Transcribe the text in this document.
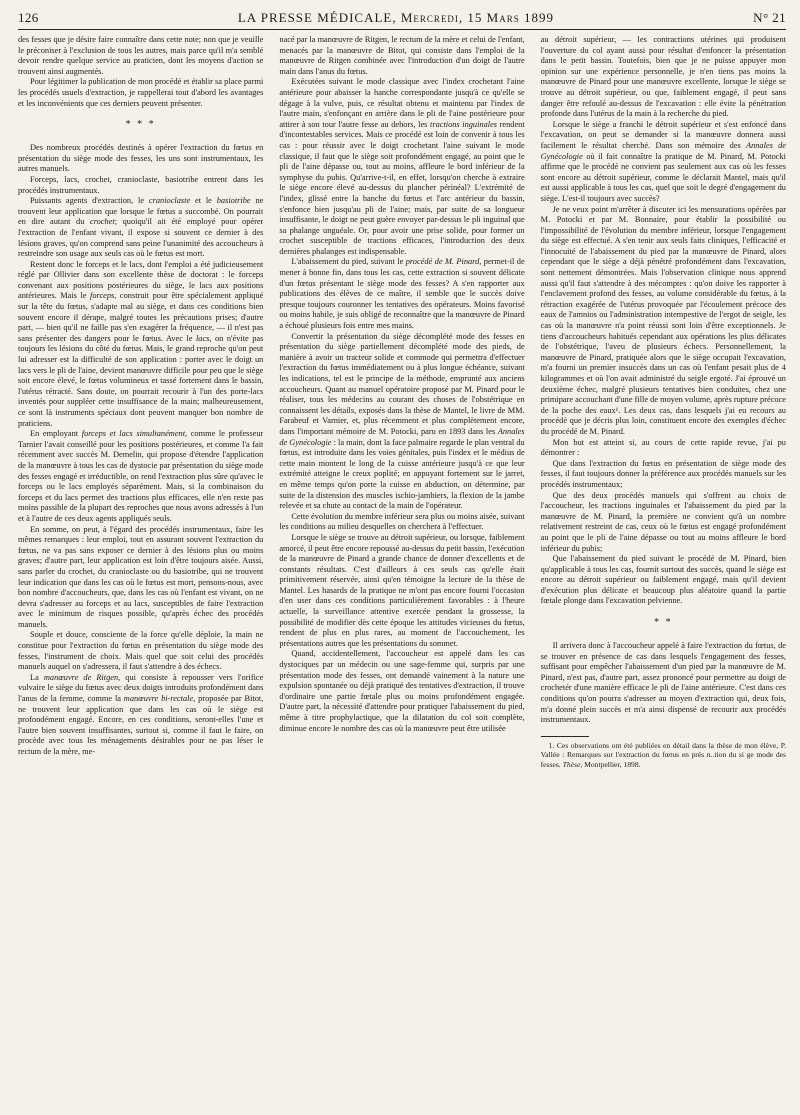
126	LA PRESSE MÉDICALE, Mercredi, 15 Mars 1899	N° 21

des fesses que je désire faire connaître dans cette note; non que je veuille le préconiser à l'exclusion de tous les autres, mais parce qu'il m'a semblé devoir rendre quelque service au praticien, dont les moyens d'action se trouvent ainsi augmentés.

Pour légitimer la publication de mon procédé et établir sa place parmi les procédés usuels d'extraction, je rappellerai tout d'abord les avantages et les inconvénients que ces derniers peuvent présenter.

* * *

Des nombreux procédés destinés à opérer l'extraction du fœtus en présentation du siège mode des fesses, les uns sont instrumentaux, les autres manuels.

Forceps, lacs, crochet, cranioclaste, basiotribe entrent dans les procédés instrumentaux.

Puissants agents d'extraction, le cranioclaste et le basiotribe ne trouvent leur application que lorsque le fœtus a succombé. On pourrait en dire autant du crochet; quoiqu'il ait été employé pour opérer l'extraction de l'enfant vivant, il expose si souvent ce dernier à des lésions graves, qu'on comprend sans peine l'unanimité des accoucheurs à restreindre son usage aux seuls cas où le fœtus est mort.

Restent donc le forceps et le lacs, dont l'emploi a été judicieusement réglé par Ollivier dans son excellente thèse de doctorat : le forceps convenant aux positions postérieures du siège, le lacs aux positions antérieures. Mais le forceps, construit pour être spécialement appliqué sur la tête du fœtus, s'adapte mal au siège, et dans ces conditions bien souvent encore il dérape, malgré toutes les précautions prises; d'autre part, — bien qu'il ne faille pas s'en exagérer la fréquence, — il n'est pas sans présenter des dangers pour le fœtus. Avec le lacs, on n'évite pas toujours les lésions du côté du fœtus. Mais, le grand reproche qu'on peut lui adresser est la difficulté de son application : porter avec le doigt un lacs vers le pli de l'aine, devient manœuvre difficile pour peu que le siège soit encore élevé, le fœtus volumineux et tassé fortement dans le bassin, l'utérus rétracté. Sans doute, on pourrait recourir à l'un des porte-lacs inventés pour suppléer cette insuffisance de la main; malheureusement, ce sont là instruments spéciaux dont peuvent manquer bon nombre de praticiens.

En employant forceps et lacs simultanément, comme le professeur Tarnier l'avait conseillé pour les positions postérieures, et comme l'a fait récemment avec succès M. Demelin, qui propose d'étendre l'application de la manœuvre à tous les cas de dystocie par présentation du siège mode des fesses engagé et irréductible, on rend l'extraction plus sûre qu'avec le forceps ou le lacs employés séparément. Mais, si la combinaison du forceps et du lacs permet des tractions plus efficaces, elle n'en reste pas moins passible de la plupart des reproches que nous avons adressés à l'un et à l'autre de ces deux agents appliqués seuls.

En somme, on peut, à l'égard des procédés instrumentaux, faire les mêmes remarques : leur emploi, tout en assurant souvent l'extraction du fœtus, ne va pas sans exposer ce dernier à des lésions plus ou moins graves; d'autre part, leur application est loin d'être toujours aisée. Aussi, sans parler du crochet, du cranioclaste ou du basiotribe, qui ne trouvent leur indication que dans les cas où le fœtus est mort, pensons-nous, avec bon nombre d'accoucheurs, que, dans les cas où l'enfant est vivant, on ne devra s'adresser au forceps et au lacs, susceptibles de faire l'extraction avec le minimum de risques possible, qu'après échec des procédés manuels.

Souple et douce, consciente de la force qu'elle déploie, la main ne constitue pour l'extraction du fœtus en présentation du siège mode des fesses, l'instrument de choix. Mais quel que soit celui des procédés manuels auquel on s'adressera, il faut s'attendre à des échecs.

La manœuvre de Ritgen, qui consiste à repousser vers l'orifice vulvaire le siège du fœtus avec deux doigts introduits profondément dans l'anus de la femme, comme la manœuvre bi-rectale, proposée par Bitot, ne trouvent leur application que dans les cas où le siège est profondément engagé. Encore, en ces conditions, seront-elles l'une et l'autre bien souvent insuffisantes, surtout si, comme il faut le faire, on procède avec tous les ménagements désirables pour ne pas léser le rectum de la mère, me-

nacé par la manœuvre de Ritgen, le rectum de la mère et celui de l'enfant, menacés par la manœuvre de Bitot, qui consiste dans l'emploi de la manœuvre de Ritgen combinée avec l'introduction d'un doigt de l'autre main dans l'anus du fœtus.

Exécutées suivant le mode classique avec l'index crochetant l'aine antérieure pour abaisser la hanche correspondante jusqu'à ce qu'elle se dégage à la vulve, puis, ce résultat obtenu et maintenu par l'index de l'autre main, s'enfonçant en arrière dans le pli de l'aine postérieure pour attirer à son tour l'autre fesse au dehors, les tractions inguinales rendent d'incontestables services. Mais ce procédé est loin de convenir à tous les cas : pour réussir avec le doigt crochetant l'aine suivant le mode classique, il faut que le siège soit profondément engagé, au point que le pli de l'aine dépasse ou, tout au moins, affleure le bord inférieur de la symphyse du pubis. Qu'arrive-t-il, en effet, lorsqu'on cherche à extraire le siège encore élevé au-dessus du plancher périnéal? L'extrémité de l'index, glissé entre la hanche du fœtus et l'arc antérieur du bassin, s'enfonce bien jusqu'au pli de l'aine; mais, par suite de sa longueur insuffisante, le doigt ne peut guère envoyer par-dessus le pli inguinal que sa phalange unguéale. Or, pour avoir une prise solide, pour former un crochet susceptible de tractions efficaces, l'introduction des deux dernières phalanges est indispensable.

L'abaissement du pied, suivant le procédé de M. Pinard, permet-il de mener à bonne fin, dans tous les cas, cette extraction si souvent délicate d'un fœtus présentant le siège mode des fesses? A s'en rapporter aux publications des élèves de ce maître, il semble que le succès doive presque toujours couronner les tentatives des opérateurs. Moins favorisé ou moins habile, je suis obligé de reconnaître que la manœuvre de Pinard a échoué plusieurs fois entre mes mains.

Convertir la présentation du siège décomplété mode des fesses en présentation du siège partiellement décomplété mode des pieds, de manière à avoir un tracteur solide et commode qui permettra d'effectuer l'extraction du fœtus immédiatement ou à plus longue échéance, suivant les indications, tel est le principe de la méthode, emprunté aux anciens accoucheurs. Quant au manuel opératoire proposé par M. Pinard pour le réaliser, tous les médecins au courant des choses de l'obstétrique en connaissent les détails, exposés dans la thèse de Mantel, le livre de MM. Farabeuf et Varnier, et, plus récemment et plus complètement encore, dans l'important mémoire de M. Potocki, paru en 1893 dans les Annales de Gynécologie : la main, dont la face palmaire regarde le plan ventral du fœtus, est introduite dans les voies génitales, puis l'index et le médius de cette main montent le long de la cuisse antérieure jusqu'à ce que leur extrémité atteigne le creux poplité; en appuyant fortement sur le jarret, en même temps qu'on porte la cuisse en abduction, on détermine, par suite de la distension des muscles ischio-jambiers, la flexion de la jambe relevée et sa chute au contact de la main de l'opérateur.

Cette évolution du membre inférieur sera plus ou moins aisée, suivant les conditions au milieu desquelles on cherchera à l'effectuer.

Lorsque le siège se trouve au détroit supérieur, ou lorsque, faiblement amorcé, il peut être encore repoussé au-dessus du petit bassin, l'exécution de la manœuvre de Pinard a grande chance de donner d'excellents et de constants résultats. C'est d'ailleurs à ces seuls cas qu'elle était primitivement réservée, ainsi qu'en témoigne la lecture de la thèse de Mantel. Les hasards de la pratique ne m'ont pas encore fourni l'occasion d'en user dans ces conditions particulièrement favorables : à l'heure actuelle, la surveillance attentive exercée pendant la grossesse, la possibilité de modifier dès cette époque les attitudes vicieuses du fœtus, rendent de plus en plus rares, au moment de l'accouchement, les présentations autres que les présentations du sommet.

Quand, accidentellement, l'accoucheur est appelé dans les cas dystociques par un médecin ou une sage-femme qui, surpris par une présentation mode des fesses, ont demandé vainement à la nature une expulsion spontanée ou déjà pratiqué des tentatives d'extraction, il trouve d'ordinaire une partie fœtale plus ou moins profondément engagée. D'autre part, la nécessité d'attendre pour pratiquer l'abaissement du pied, même à titre prophylactique, que la dilatation du col soit complète, diminue encore le nombre des cas où la manœuvre peut être utilisée

au détroit supérieur, — les contractions utérines qui produisent l'ouverture du col ayant aussi pour résultat d'enfoncer la présentation dans le petit bassin. Toutefois, bien que je ne puisse appuyer mon opinion sur une expérience personnelle, je n'en tiens pas moins la manœuvre de Pinard pour une manœuvre excellente, lorsque le siège se trouve au détroit supérieur, ou que, faiblement engagé, il peut sans danger être refoulé au-dessus de l'excavation : elle évite la pénétration profonde dans l'utérus de la main à la recherche du pied.

Lorsque le siège a franchi le détroit supérieur et s'est enfoncé dans l'excavation, on peut se demander si la manœuvre donnera aussi facilement le résultat cherché. Dans son mémoire des Annales de Gynécologie où il fait connaître la pratique de M. Pinard, M. Potocki affirme que le procédé ne convient pas seulement aux cas où les fesses sont encore au détroit supérieur, comme le déclarait Mantel, mais qu'il est aussi applicable à tous les cas, quel que soit le degré d'engagement du siège. L'est-il toujours avec succès?

Je ne veux point m'arrêter à discuter ici les mensurations opérées par M. Potocki et par M. Bonnaire, pour établir la possibilité ou l'impossibilité de l'évolution du membre inférieur, lorsque l'engagement du siège est effectué. A s'en tenir aux seuls faits cliniques, l'efficacité et l'innocuité de l'abaissement du pied par la manœuvre de Pinard, alors cependant que le siège a déjà pénétré profondément dans l'excavation, sont nettement démontrées. Mais l'observation clinique nous apprend aussi qu'il faut s'attendre à des mécomptes : qu'on doive les rapporter à l'enclavement profond des fesses, au volume considérable du fœtus, à la rétraction exagérée de l'utérus provoquée par l'écoulement précoce des eaux de l'amnios ou l'administration intempestive de l'ergot de seigle, les cas où la manœuvre n'a point réussi sont loin d'être exceptionnels. Je tiens d'accoucheurs habitués cependant aux opérations les plus délicates de l'obstétrique, l'aveu de plusieurs échecs. Personnellement, la manœuvre de Pinard, pratiquée alors que le siège occupait l'excavation, m'a fourni un premier insuccès dans un cas où l'enfant pesait plus de 4 kilogrammes et où l'on avait administré du seigle ergoté. J'ai éprouvé un deuxième échec, malgré plusieurs tentatives bien conduites, chez une primipare accouchant d'une fille de moyen volume, après rupture précoce de la poche des eaux¹. Les deux cas, dans lesquels j'ai eu recours au procédé que je décris plus loin, constituent encore des exemples d'échec du procédé de M. Pinard.

Mon but est atteint si, au cours de cette rapide revue, j'ai pu démontrer :

Que dans l'extraction du fœtus en présentation de siège mode des fesses, il faut toujours donner la préférence aux procédés manuels sur les procédés instrumentaux;

Que des deux procédés manuels qui s'offrent au choix de l'accoucheur, les tractions inguinales et l'abaissement du pied par la manœuvre de M. Pinard, la première ne convient qu'à un nombre relativement restreint de cas, ceux où le fœtus est engagé profondément au point que le pli de l'aine dépasse ou tout au moins affleure le bord inférieur du pubis;

Que l'abaissement du pied suivant le procédé de M. Pinard, bien qu'applicable à tous les cas, fournit surtout des succès, quand le siège est encore au détroit supérieur ou faiblement engagé, mais qu'il devient d'exécution plus délicate et beaucoup plus aléatoire quand la partie fœtale plonge dans l'excavation pelvienne.

* *

Il arrivera donc à l'accoucheur appelé à faire l'extraction du fœtus, de se trouver en présence de cas dans lesquels l'engagement des fesses, suffisant pour empêcher l'abaissement d'un pied par la manœuvre de M. Pinard, n'est pas, d'autre part, assez prononcé pour permettre au doigt de crochetér d'une manière efficace le pli de l'aine antérieure. C'est dans ces conditions qu'on pourra s'adresser au moyen d'extraction qui, deux fois, m'a donné plein succès et m'a ainsi dispensé de recourir aux procédés instrumentaux.

1. Ces observations ont été publiées en détail dans la thèse de mon élève, P. Vallée : Remarques sur l'extraction du fœtus en prés n..tion du si ge mode des fesses. Thèse, Montpellier, 1898.
